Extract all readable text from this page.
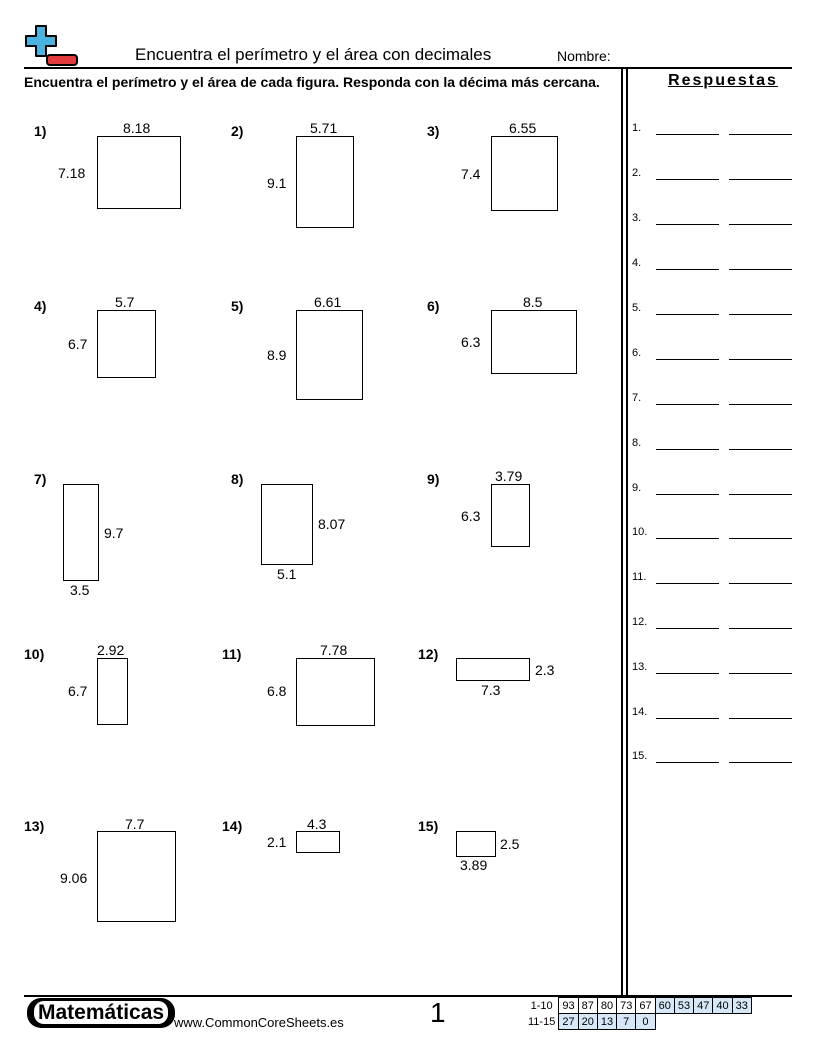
Encuentra el perímetro y el área con decimales	Nombre:
Encuentra el perímetro y el área de cada figura. Responda con la décima más cercana.	Respuestas
1)	8.18
7.18
2)	5.71
9.1
3)	6.55
7.4
4)	5.7
6.7
5)	6.61
8.9
6)	8.5
6.3
7)
9.7
3.5
8)
8.07
5.1
9)	3.79
6.3
10)	2.92
6.7
11)	7.78
6.8
12)
2.3
7.3
13)	7.7
9.06
14)	4.3
2.1
15)
2.5
3.89
1.
2.
3.
4.
5.
6.
7.
8.
9.
10.
11.
12.
13.
14.
15.
Matemáticas www.CommonCoreSheets.es	1	1-10	93	87	80	73	67	60	53	47	40	33
11-15	27	20	13	7	0					
